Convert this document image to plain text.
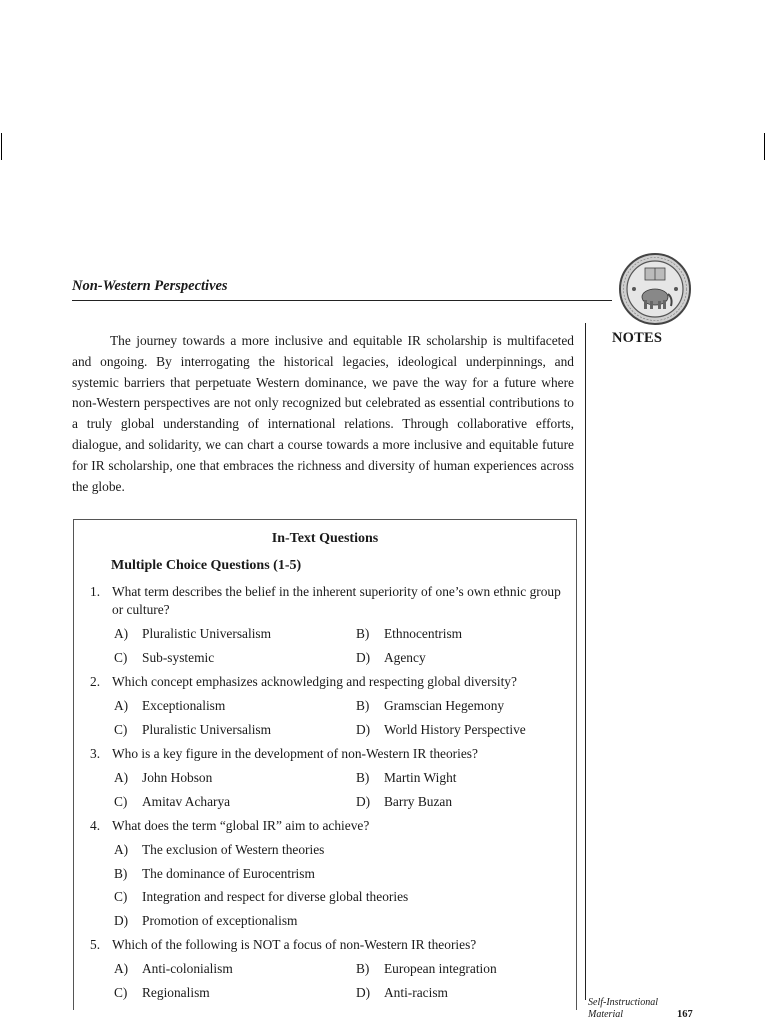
Non-Western Perspectives
NOTES

The journey towards a more inclusive and equitable IR scholarship is multifaceted and ongoing. By interrogating the historical legacies, ideological underpinnings, and systemic barriers that perpetuate Western dominance, we pave the way for a future where non-Western perspectives are not only recognized but celebrated as essential contributions to a truly global understanding of international relations. Through collaborative efforts, dialogue, and solidarity, we can chart a course towards a more inclusive and equitable future for IR scholarship, one that embraces the richness and diversity of human experiences across the globe.

In-Text Questions
Multiple Choice Questions (1-5)
1. What term describes the belief in the inherent superiority of one’s own ethnic group or culture?
A) Pluralistic Universalism	B) Ethnocentrism
C) Sub-systemic	D) Agency
2. Which concept emphasizes acknowledging and respecting global diversity?
A) Exceptionalism	B) Gramscian Hegemony
C) Pluralistic Universalism	D) World History Perspective
3. Who is a key figure in the development of non-Western IR theories?
A) John Hobson	B) Martin Wight
C) Amitav Acharya	D) Barry Buzan
4. What does the term “global IR” aim to achieve?
A) The exclusion of Western theories
B) The dominance of Eurocentrism
C) Integration and respect for diverse global theories
D) Promotion of exceptionalism
5. Which of the following is NOT a focus of non-Western IR theories?
A) Anti-colonialism	B) European integration
C) Regionalism	D) Anti-racism
Self-Instructional
Material	167
